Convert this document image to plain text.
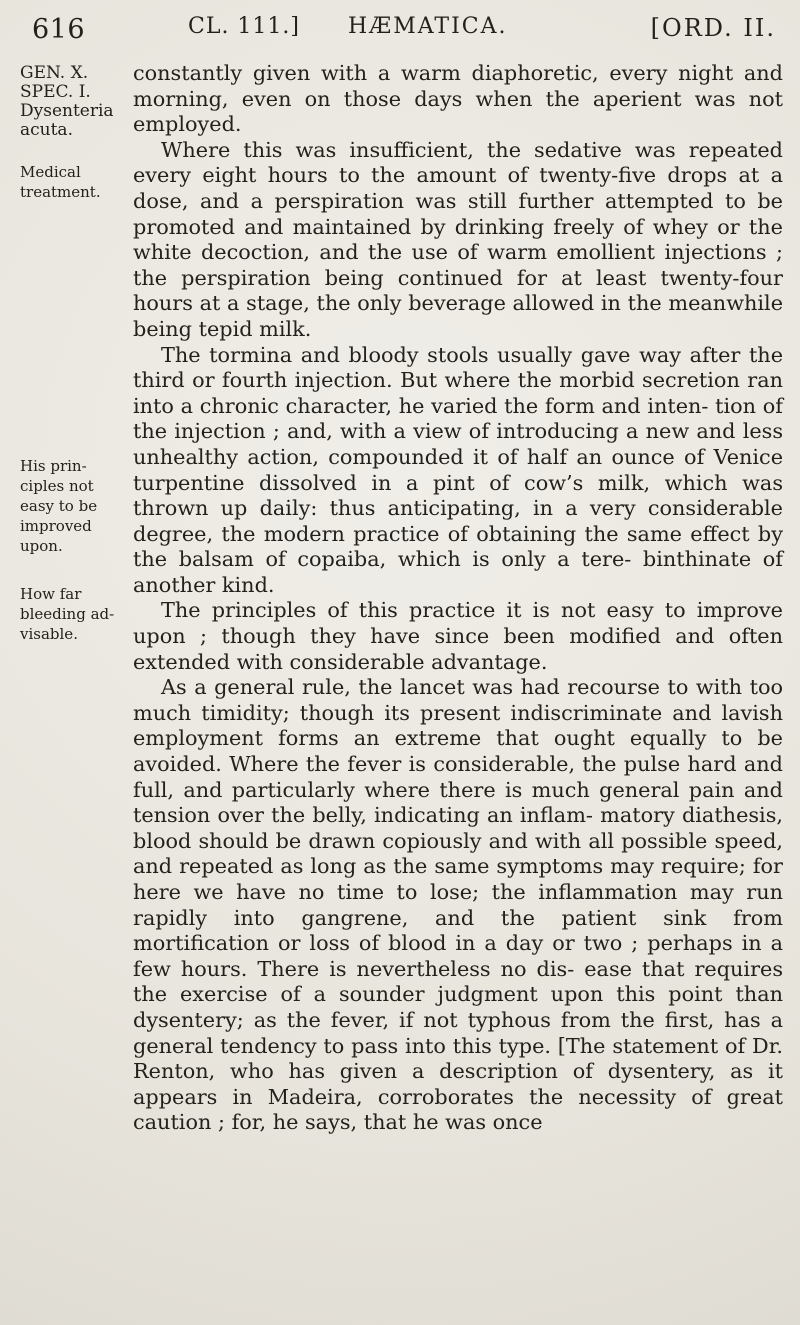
616	CL. 111.] HÆMATICA.	[ORD. II.
GEN. X.
SPEC. I.
Dysenteria
acuta.
Medical
treatment.
His prin-
ciples not
easy to be
improved
upon.
How far
bleeding ad-
visable.

constantly given with a warm diaphoretic, every night and morning, even on those days when the aperient was not employed.

Where this was insufficient, the sedative was repeated every eight hours to the amount of twenty-five drops at a dose, and a perspiration was still further attempted to be promoted and maintained by drinking freely of whey or the white decoction, and the use of warm emollient injections ; the perspiration being continued for at least twenty-four hours at a stage, the only beverage allowed in the meanwhile being tepid milk.

The tormina and bloody stools usually gave way after the third or fourth injection. But where the morbid secretion ran into a chronic character, he varied the form and inten- tion of the injection ; and, with a view of introducing a new and less unhealthy action, compounded it of half an ounce of Venice turpentine dissolved in a pint of cow’s milk, which was thrown up daily: thus anticipating, in a very considerable degree, the modern practice of obtaining the same effect by the balsam of copaiba, which is only a tere- binthinate of another kind.

The principles of this practice it is not easy to improve upon ; though they have since been modified and often extended with considerable advantage.

As a general rule, the lancet was had recourse to with too much timidity; though its present indiscriminate and lavish employment forms an extreme that ought equally to be avoided. Where the fever is considerable, the pulse hard and full, and particularly where there is much general pain and tension over the belly, indicating an inflam- matory diathesis, blood should be drawn copiously and with all possible speed, and repeated as long as the same symptoms may require; for here we have no time to lose; the inflammation may run rapidly into gangrene, and the patient sink from mortification or loss of blood in a day or two ; perhaps in a few hours. There is nevertheless no dis- ease that requires the exercise of a sounder judgment upon this point than dysentery; as the fever, if not typhous from the first, has a general tendency to pass into this type. [The statement of Dr. Renton, who has given a description of dysentery, as it appears in Madeira, corroborates the necessity of great caution ; for, he says, that he was once
